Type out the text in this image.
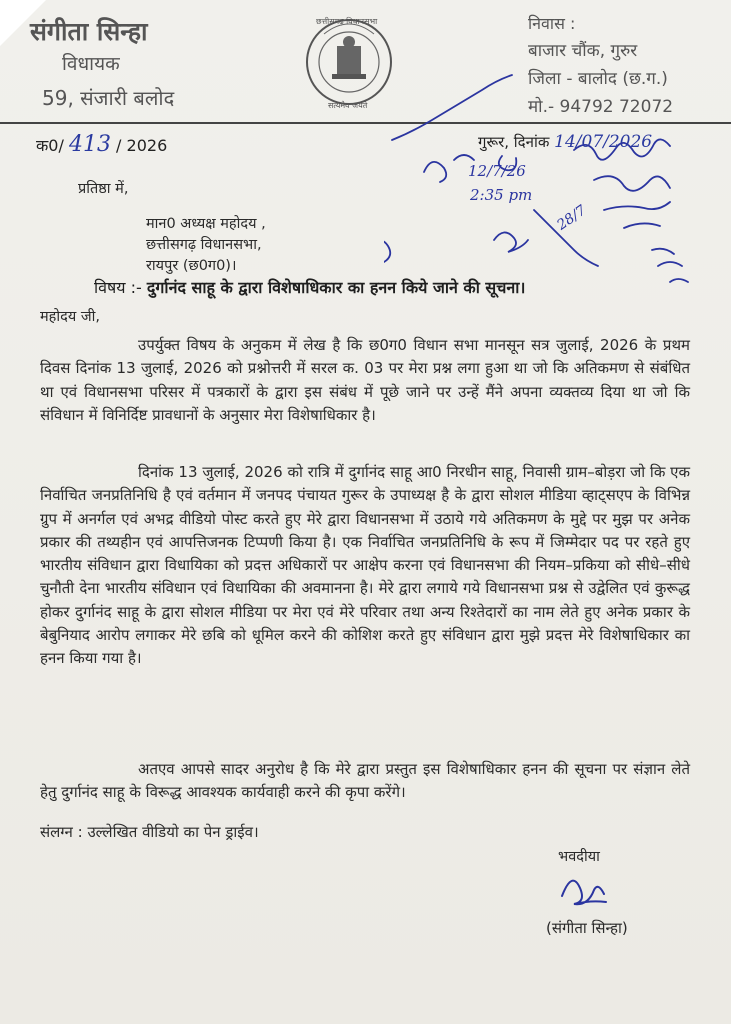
संगीता सिन्हा
विधायक
59, संजारी बलोद
छत्तीसगढ़ विधानसभा
सत्यमेव जयते
निवास :
बाजार चौंक, गुरुर
जिला - बालोद (छ.ग.)
मो.- 94792 72072
क0/ 413 / 2026	गुरूर, दिनांक 14/07/2026
12/7/26
2:35 pm
28/7
प्रतिष्ठा में,
मान0 अध्यक्ष महोदय ,
छत्तीसगढ़ विधानसभा,
रायपुर (छ0ग0)।
विषय :- दुर्गानंद साहू के द्वारा विशेषाधिकार का हनन किये जाने की सूचना।
महोदय जी,
उपर्युक्त विषय के अनुकम में लेख है कि छ0ग0 विधान सभा मानसून सत्र जुलाई, 2026 के प्रथम दिवस दिनांक 13 जुलाई, 2026 को प्रश्नोत्तरी में सरल क. 03 पर मेरा प्रश्न लगा हुआ था जो कि अतिकमण से संबंधित था एवं विधानसभा परिसर में पत्रकारों के द्वारा इस संबंध में पूछे जाने पर उन्हें मैंने अपना व्यक्तव्य दिया था जो कि संविधान में विनिर्दिष्ट प्रावधानों के अनुसार मेरा विशेषाधिकार है।
दिनांक 13 जुलाई, 2026 को रात्रि में दुर्गानंद साहू आ0 निरधीन साहू, निवासी ग्राम–बोड़रा जो कि एक निर्वाचित जनप्रतिनिधि है एवं वर्तमान में जनपद पंचायत गुरूर के उपाध्यक्ष है के द्वारा सोशल मीडिया व्हाट्सएप के विभिन्न ग्रुप में अनर्गल एवं अभद्र वीडियो पोस्ट करते हुए मेरे द्वारा विधानसभा में उठाये गये अतिकमण के मुद्दे पर मुझ पर अनेक प्रकार की तथ्यहीन एवं आपत्तिजनक टिप्पणी किया है। एक निर्वाचित जनप्रतिनिधि के रूप में जिम्मेदार पद पर रहते हुए भारतीय संविधान द्वारा विधायिका को प्रदत्त अधिकारों पर आक्षेप करना एवं विधानसभा की नियम–प्रकिया को सीधे–सीधे चुनौती देना भारतीय संविधान एवं विधायिका की अवमानना है। मेरे द्वारा लगाये गये विधानसभा प्रश्न से उद्वेलित एवं कुरूद्ध होकर दुर्गानंद साहू के द्वारा सोशल मीडिया पर मेरा एवं मेरे परिवार तथा अन्य रिश्तेदारों का नाम लेते हुए अनेक प्रकार के बेबुनियाद आरोप लगाकर मेरे छबि को धूमिल करने की कोशिश करते हुए संविधान द्वारा मुझे प्रदत्त मेरे विशेषाधिकार का हनन किया गया है।
अतएव आपसे सादर अनुरोध है कि मेरे द्वारा प्रस्तुत इस विशेषाधिकार हनन की सूचना पर संज्ञान लेते हेतु दुर्गानंद साहू के विरूद्ध आवश्यक कार्यवाही करने की कृपा करेंगे।
संलग्न : उल्लेखित वीडियो का पेन ड्राईव।
भवदीया
(संगीता सिन्हा)
